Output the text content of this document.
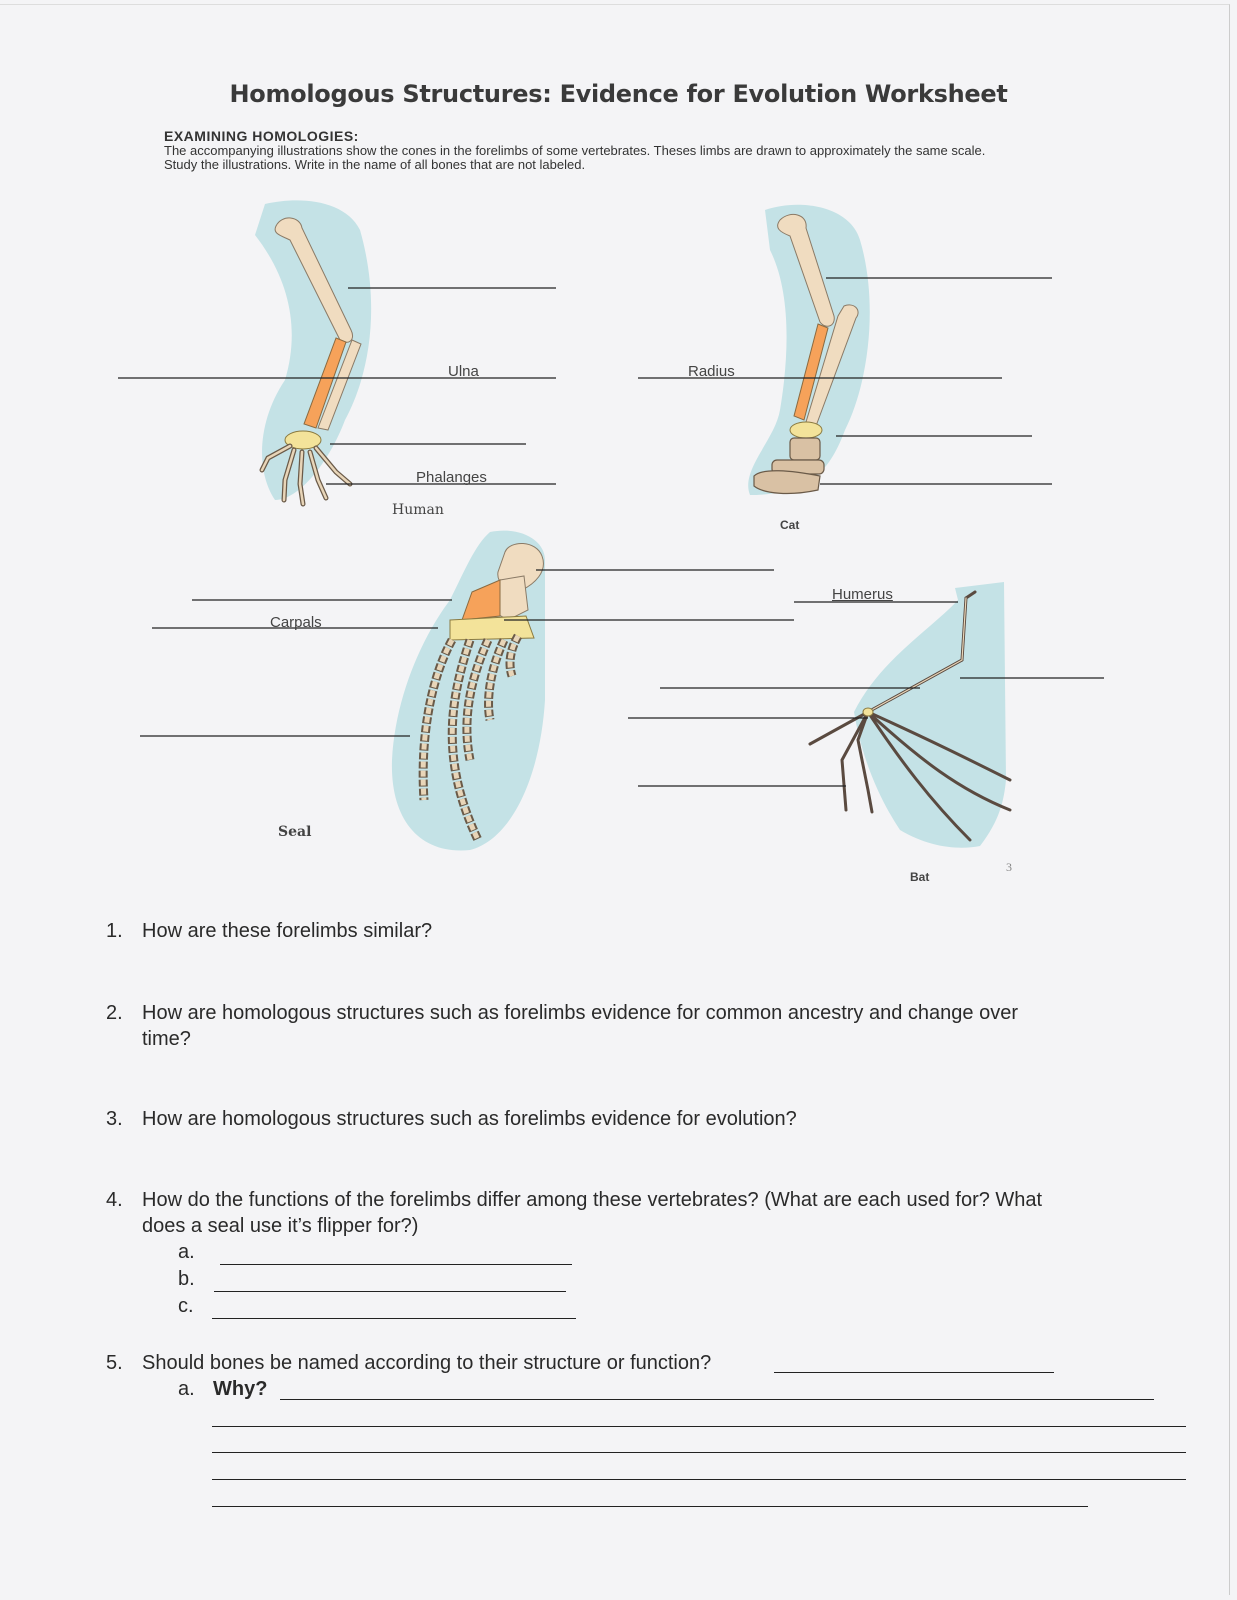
Homologous Structures: Evidence for Evolution Worksheet
EXAMINING HOMOLOGIES:
The accompanying illustrations show the cones in the forelimbs of some vertebrates. Theses limbs are drawn to approximately the same scale. Study the illustrations. Write in the name of all bones that are not labeled.
Ulna
Phalanges
Radius
Carpals
Humerus
Human
Cat
Seal
Bat
3
1. How are these forelimbs similar?
2. How are homologous structures such as forelimbs evidence for common ancestry and change over
time?
3. How are homologous structures such as forelimbs evidence for evolution?
4. How do the functions of the forelimbs differ among these vertebrates? (What are each used for? What
does a seal use it’s flipper for?)
a.
b.
c.
5. Should bones be named according to their structure or function?
a. Why?
